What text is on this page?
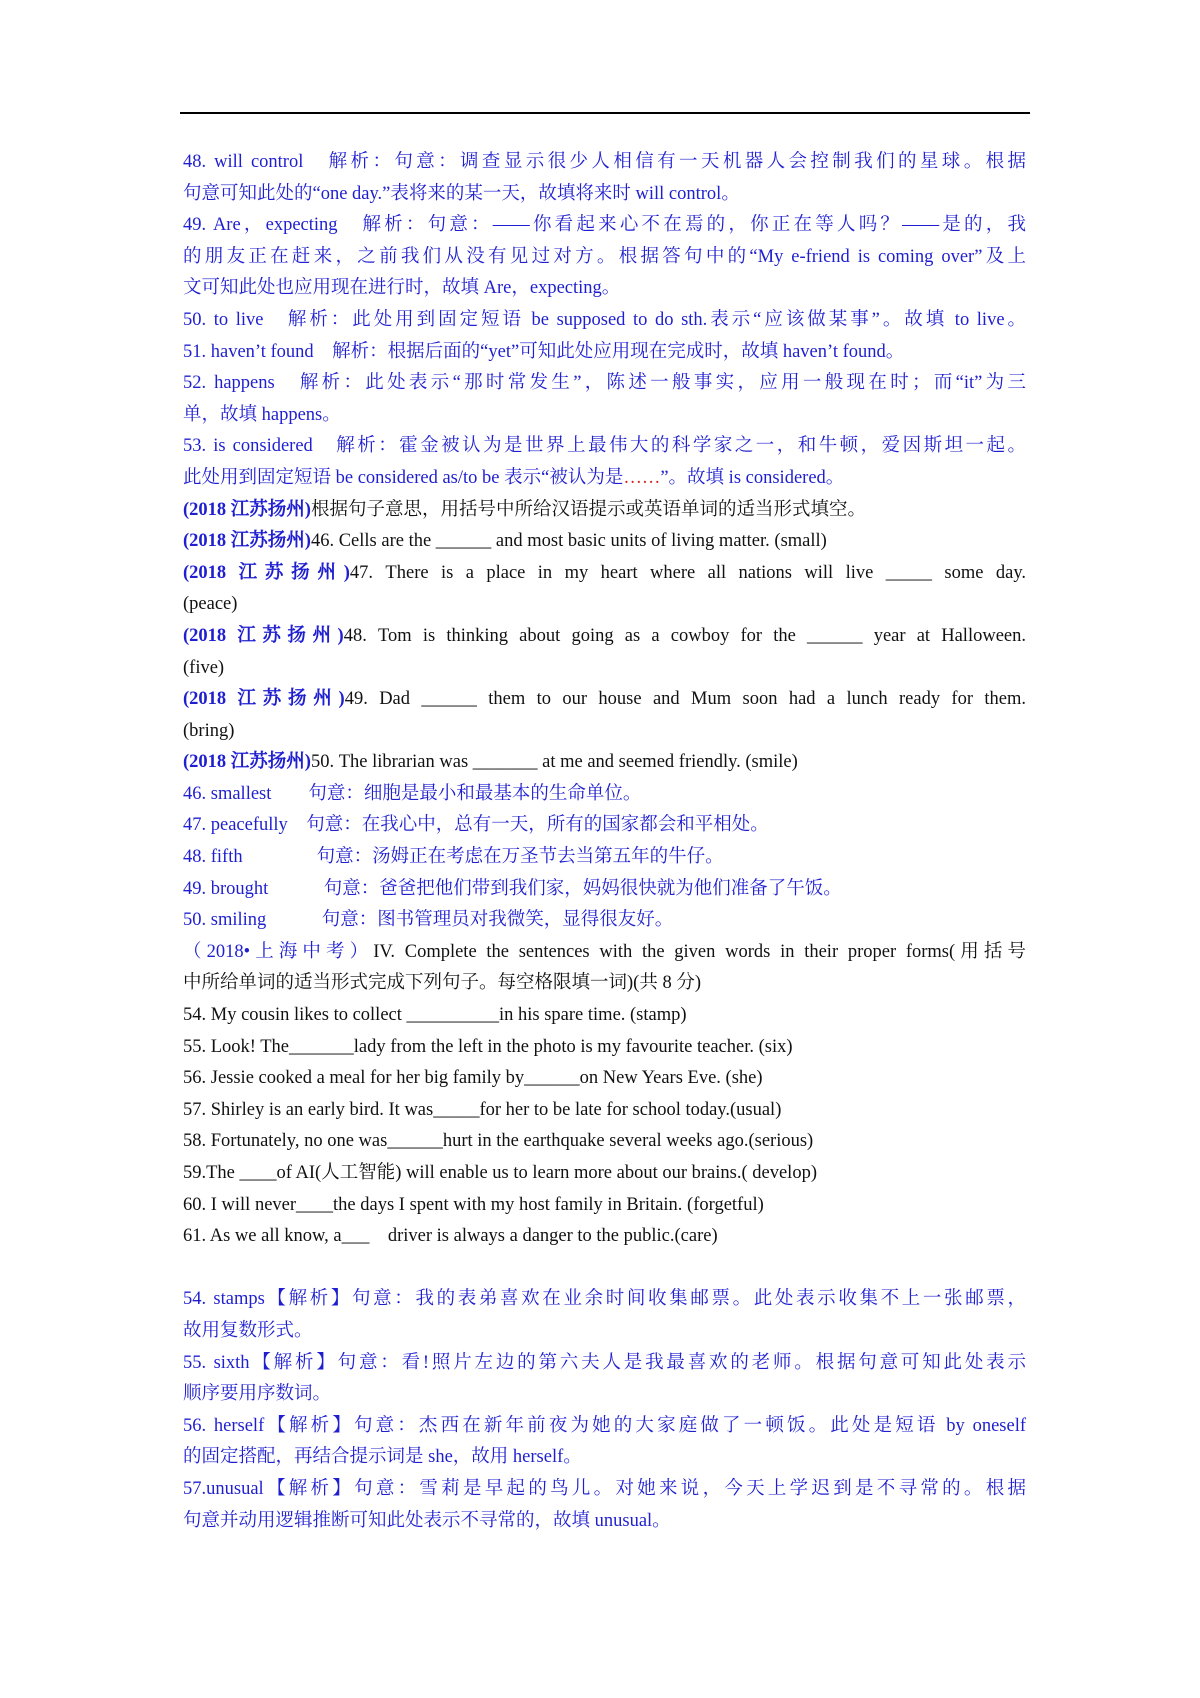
48. will control　解析：句意：调查显示很少人相信有一天机器人会控制我们的星球。根据
句意可知此处的“one day.”表将来的某一天，故填将来时 will control。
49. Are，expecting　解析：句意：——你看起来心不在焉的，你正在等人吗？——是的，我
的朋友正在赶来，之前我们从没有见过对方。根据答句中的“My e-friend is coming over”及上
文可知此处也应用现在进行时，故填 Are，expecting。
50. to live　解析：此处用到固定短语 be supposed to do sth.表示“应该做某事”。故填 to live。
51. haven’t found　解析：根据后面的“yet”可知此处应用现在完成时，故填 haven’t found。
52. happens　解析：此处表示“那时常发生”，陈述一般事实，应用一般现在时；而“it”为三
单，故填 happens。
53. is considered　解析：霍金被认为是世界上最伟大的科学家之一，和牛顿，爱因斯坦一起。
此处用到固定短语 be considered as/to be 表示“被认为是……”。故填 is considered。
(2018 江苏扬州)根据句子意思，用括号中所给汉语提示或英语单词的适当形式填空。
(2018 江苏扬州)46. Cells are the ______ and most basic units of living matter. (small)
(2018 江苏扬州)47. There is a place in my heart where all nations will live _____ some day.
(peace)
(2018 江苏扬州)48. Tom is thinking about going as a cowboy for the ______ year at Halloween.
(five)
(2018 江苏扬州)49. Dad ______ them to our house and Mum soon had a lunch ready for them.
(bring)
(2018 江苏扬州)50. The librarian was _______ at me and seemed friendly. (smile)
46. smallest　　句意：细胞是最小和最基本的生命单位。
47. peacefully　句意：在我心中，总有一天，所有的国家都会和平相处。
48. fifth　　　　句意：汤姆正在考虑在万圣节去当第五年的牛仔。
49. brought　　　句意：爸爸把他们带到我们家，妈妈很快就为他们准备了午饭。
50. smiling　　　句意：图书管理员对我微笑，显得很友好。
（2018•上海中考）IV. Complete the sentences with the given words in their proper forms(用括号
中所给单词的适当形式完成下列句子。每空格限填一词)(共 8 分)
54. My cousin likes to collect __________in his spare time. (stamp)
55. Look! The_______lady from the left in the photo is my favourite teacher. (six)
56. Jessie cooked a meal for her big family by______on New Years Eve. (she)
57. Shirley is an early bird. It was_____for her to be late for school today.(usual)
58. Fortunately, no one was______hurt in the earthquake several weeks ago.(serious)
59.The ____of AI(人工智能) will enable us to learn more about our brains.( develop)
60. I will never____the days I spent with my host family in Britain. (forgetful)
61. As we all know, a___　driver is always a danger to the public.(care)
54. stamps【解析】句意：我的表弟喜欢在业余时间收集邮票。此处表示收集不上一张邮票，
故用复数形式。
55. sixth【解析】句意：看!照片左边的第六夫人是我最喜欢的老师。根据句意可知此处表示
顺序要用序数词。
56. herself【解析】句意：杰西在新年前夜为她的大家庭做了一顿饭。此处是短语 by oneself
的固定搭配，再结合提示词是 she，故用 herself。
57.unusual【解析】句意：雪莉是早起的鸟儿。对她来说，今天上学迟到是不寻常的。根据
句意并动用逻辑推断可知此处表示不寻常的，故填 unusual。
